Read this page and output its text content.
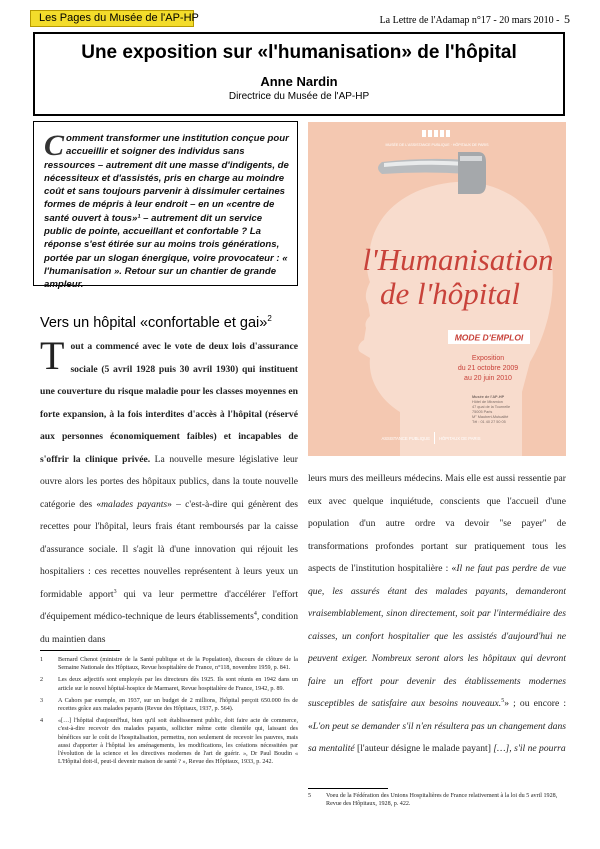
Les Pages du Musée de l'AP-HP	La Lettre de l'Adamap n°17 - 20 mars 2010 - 5
Une exposition sur «l'humanisation» de l'hôpital
Anne Nardin
Directrice du Musée de l'AP-HP
Comment transformer une institution conçue pour accueillir et soigner des individus sans ressources – autrement dit une masse d'indigents, de nécessiteux et d'assistés, pris en charge au moindre coût et sans toujours parvenir à dissimuler certaines formes de mépris à leur endroit – en un «centre de santé ouvert à tous»¹ – autrement dit un service public de pointe, accueillant et confortable ? La réponse s'est étirée sur au moins trois générations, portée par un slogan énergique, voire provocateur : « l'humanisation ». Retour sur un chantier de grande ampleur.
MUSÉE DE L'ASSISTANCE PUBLIQUE · HÔPITAUX DE PARIS
l'Humanisation
de l'hôpital
MODE D'EMPLOI
Exposition
du 21 octobre 2009
au 20 juin 2010
Musée de l'AP-HP
Hôtel de Miramion
47 quai de la Tournelle
75005 Paris
M° Maubert-Mutualité
Tél : 01 40 27 50 05
ASSISTANCE PUBLIQUE HÔPITAUX DE PARIS
Vers un hôpital «confortable et gai»$^2$
Tout a commencé avec le vote de deux lois d'assurance sociale (5 avril 1928 puis 30 avril 1930) qui instituent une couverture du risque maladie pour les classes moyennes en forte expansion, à la fois interdites d'accès à l'hôpital (réservé aux personnes économiquement faibles) et incapables de s'offrir la clinique privée. La nouvelle mesure législative leur ouvre alors les portes des hôpitaux publics, dans la toute nouvelle catégorie des «malades payants» – c'est-à-dire qui génèrent des recettes pour l'hôpital, leurs frais étant remboursés par la caisse d'assurance sociale. Il s'agit là d'une innovation qui réjouit les hospitaliers : ces recettes nouvelles représentent à leurs yeux un formidable apport$^3$ qui va leur permettre d'accélérer l'effort d'équipement médico-technique de leurs établissements$^4$, condition du maintien dans
leurs murs des meilleurs médecins. Mais elle est aussi ressentie par eux avec quelque inquiétude, conscients que l'accueil d'une population d'un autre ordre va devoir "se payer" de transformations profondes portant sur pratiquement tous les aspects de l'institution hospitalière : «Il ne faut pas perdre de vue que, les assurés étant des malades payants, demanderont vraisemblablement, sinon directement, soit par l'intermédiaire des caisses, un confort hospitalier que les assistés d'aujourd'hui ne peuvent exiger. Nombreux seront alors les hôpitaux qui devront faire un effort pour devenir des établissements modernes susceptibles de satisfaire aux besoins nouveaux.$^5$» ; ou encore : «L'on peut se demander s'il n'en résultera pas un changement dans sa mentalité [l'auteur désigne le malade payant] […], s'il ne pourra
1	Bernard Chenot (ministre de la Santé publique et de la Population), discours de clôture de la Semaine Nationale des Hôpitaux, Revue hospitalière de France, n°118, novembre 1959, p. 841.
2	Les deux adjectifs sont employés par les directeurs dès 1925. Ils sont réunis en 1942 dans un article sur le nouvel hôpital-hospice de Marmaret, Revue hospitalière de France, 1942, p. 89.
3	A Cahors par exemple, en 1937, sur un budget de 2 millions, l'hôpital perçoit 650.000 frs de recettes grâce aux malades payants (Revue des Hôpitaux, 1937, p. 564).
4	«[…] l'hôpital d'aujourd'hui, bien qu'il soit établissement public, doit faire acte de commerce, c'est-à-dire recevoir des malades payants, solliciter même cette clientèle qui, laissant des bénéfices sur le coût de l'hospitalisation, permettra, non seulement de recevoir les pauvres, mais aussi d'apporter à l'hôpital les aménagements, les modifications, les créations nécessitées par l'évolution de la science et les directives modernes de l'art de guérir. », Dr Paul Boudin « L'Hôpital doit-il, peut-il devenir maison de santé ? », Revue des Hôpitaux, 1933, p. 242.
5	Voeu de la Fédération des Unions Hospitalières de France relativement à la loi du 5 avril 1928, Revue des Hôpitaux, 1928, p. 422.
